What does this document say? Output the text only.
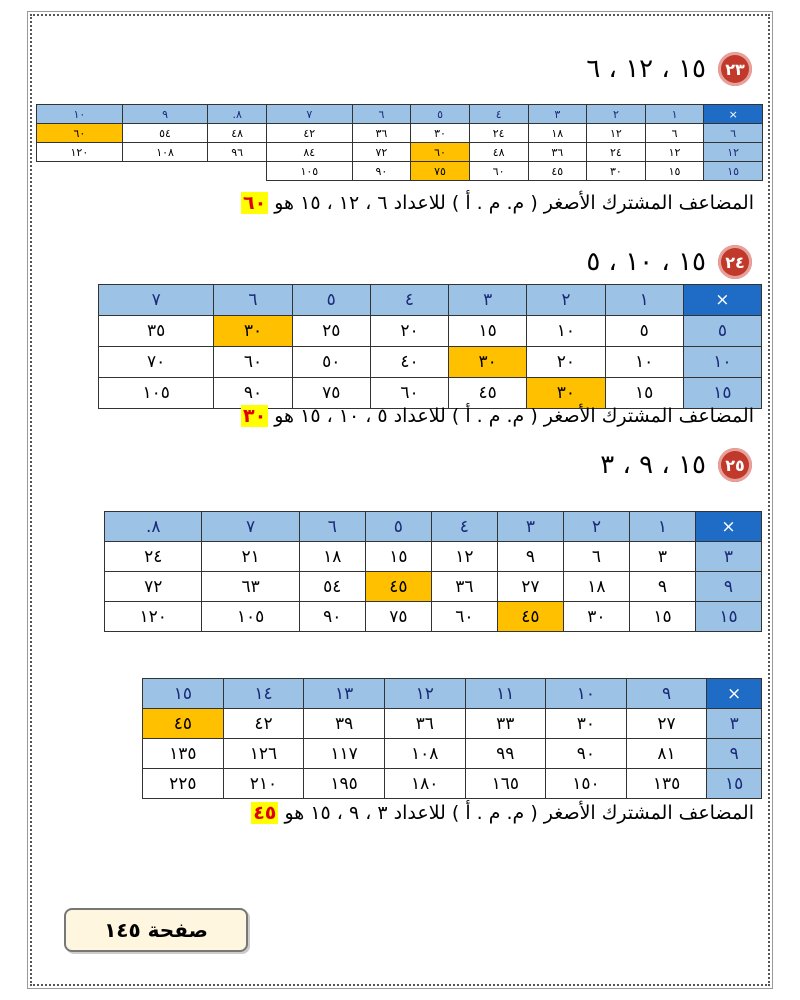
٢٣
١٥ ، ١٢ ، ٦
×	١	٢	٣	٤	٥	٦	٧	٨.	٩	١٠
٦	٦	١٢	١٨	٢٤	٣٠	٣٦	٤٢	٤٨	٥٤	٦٠
١٢	١٢	٢٤	٣٦	٤٨	٦٠	٧٢	٨٤	٩٦	١٠٨	١٢٠
١٥	١٥	٣٠	٤٥	٦٠	٧٥	٩٠	١٠٥			
المضاعف المشترك الأصغر ( م. م . أ ) للاعداد ٦ ، ١٢ ، ١٥ هو ٦٠
٢٤
١٥ ، ١٠ ، ٥
×	١	٢	٣	٤	٥	٦	٧
٥	٥	١٠	١٥	٢٠	٢٥	٣٠	٣٥
١٠	١٠	٢٠	٣٠	٤٠	٥٠	٦٠	٧٠
١٥	١٥	٣٠	٤٥	٦٠	٧٥	٩٠	١٠٥
المضاعف المشترك الأصغر ( م. م . أ ) للاعداد ٥ ، ١٠ ، ١٥ هو ٣٠
٢٥
١٥ ، ٩ ، ٣
×	١	٢	٣	٤	٥	٦	٧	٨.
٣	٣	٦	٩	١٢	١٥	١٨	٢١	٢٤
٩	٩	١٨	٢٧	٣٦	٤٥	٥٤	٦٣	٧٢
١٥	١٥	٣٠	٤٥	٦٠	٧٥	٩٠	١٠٥	١٢٠
×	٩	١٠	١١	١٢	١٣	١٤	١٥
٣	٢٧	٣٠	٣٣	٣٦	٣٩	٤٢	٤٥
٩	٨١	٩٠	٩٩	١٠٨	١١٧	١٢٦	١٣٥
١٥	١٣٥	١٥٠	١٦٥	١٨٠	١٩٥	٢١٠	٢٢٥
المضاعف المشترك الأصغر ( م. م . أ ) للاعداد ٣ ، ٩ ، ١٥ هو ٤٥
صفحة ١٤٥
